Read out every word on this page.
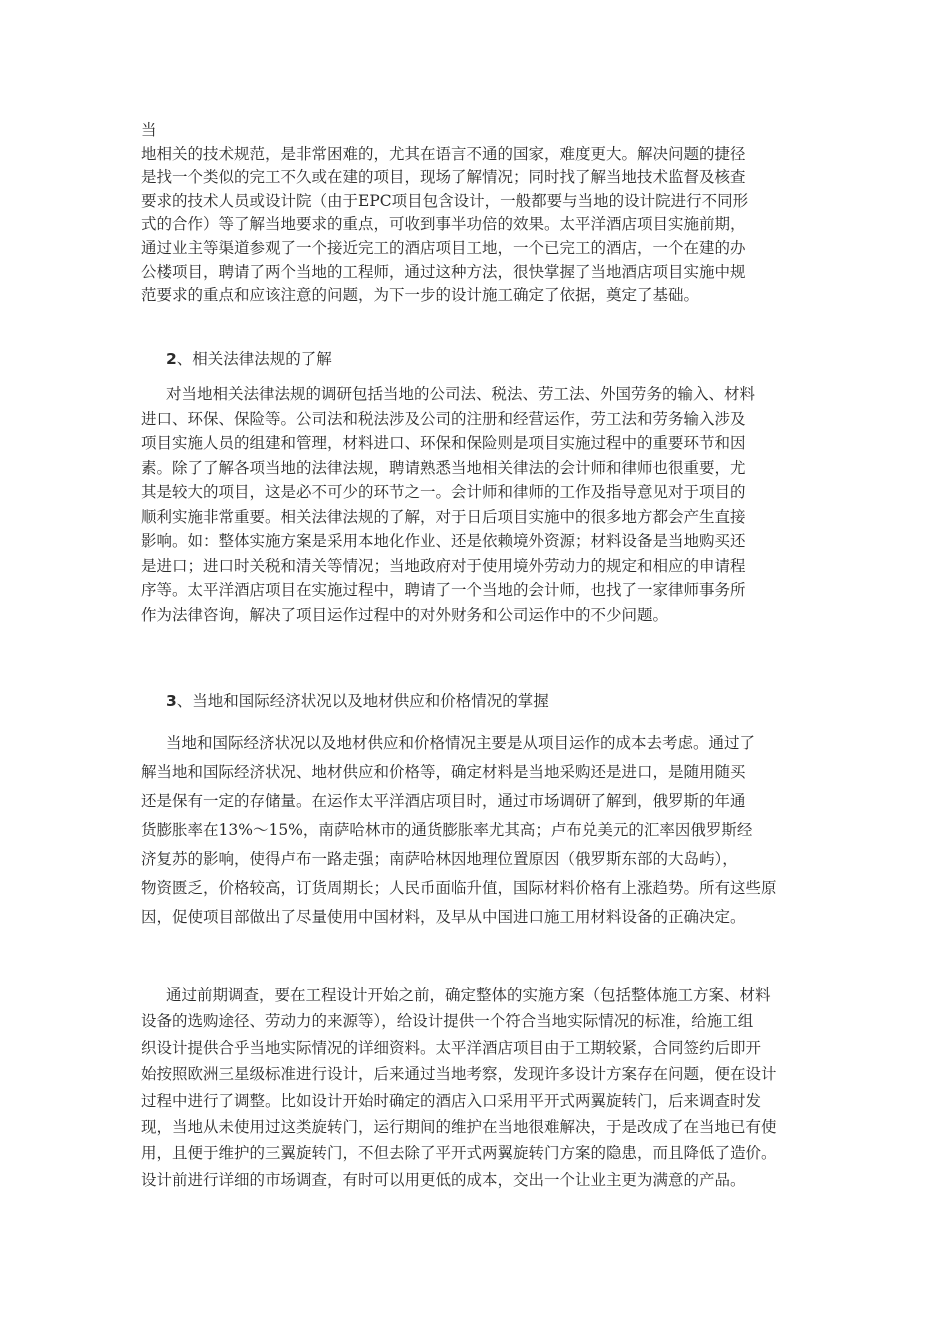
当
地相关的技术规范，是非常困难的，尤其在语言不通的国家，难度更大。解决问题的捷径
是找一个类似的完工不久或在建的项目，现场了解情况；同时找了解当地技术监督及核查
要求的技术人员或设计院（由于EPC项目包含设计，一般都要与当地的设计院进行不同形
式的合作）等了解当地要求的重点，可收到事半功倍的效果。太平洋酒店项目实施前期，
通过业主等渠道参观了一个接近完工的酒店项目工地，一个已完工的酒店，一个在建的办
公楼项目，聘请了两个当地的工程师，通过这种方法，很快掌握了当地酒店项目实施中规
范要求的重点和应该注意的问题，为下一步的设计施工确定了依据，奠定了基础。
2、相关法律法规的了解
对当地相关法律法规的调研包括当地的公司法、税法、劳工法、外国劳务的输入、材料
进口、环保、保险等。公司法和税法涉及公司的注册和经营运作，劳工法和劳务输入涉及
项目实施人员的组建和管理，材料进口、环保和保险则是项目实施过程中的重要环节和因
素。除了了解各项当地的法律法规，聘请熟悉当地相关律法的会计师和律师也很重要，尤
其是较大的项目，这是必不可少的环节之一。会计师和律师的工作及指导意见对于项目的
顺利实施非常重要。相关法律法规的了解，对于日后项目实施中的很多地方都会产生直接
影响。如：整体实施方案是采用本地化作业、还是依赖境外资源；材料设备是当地购买还
是进口；进口时关税和清关等情况；当地政府对于使用境外劳动力的规定和相应的申请程
序等。太平洋酒店项目在实施过程中，聘请了一个当地的会计师，也找了一家律师事务所
作为法律咨询，解决了项目运作过程中的对外财务和公司运作中的不少问题。
3、当地和国际经济状况以及地材供应和价格情况的掌握
当地和国际经济状况以及地材供应和价格情况主要是从项目运作的成本去考虑。通过了
解当地和国际经济状况、地材供应和价格等，确定材料是当地采购还是进口，是随用随买
还是保有一定的存储量。在运作太平洋酒店项目时，通过市场调研了解到，俄罗斯的年通
货膨胀率在13%～15%，南萨哈林市的通货膨胀率尤其高；卢布兑美元的汇率因俄罗斯经
济复苏的影响，使得卢布一路走强；南萨哈林因地理位置原因（俄罗斯东部的大岛屿），
物资匮乏，价格较高，订货周期长；人民币面临升值，国际材料价格有上涨趋势。所有这些原
因，促使项目部做出了尽量使用中国材料，及早从中国进口施工用材料设备的正确决定。
通过前期调查，要在工程设计开始之前，确定整体的实施方案（包括整体施工方案、材料
设备的选购途径、劳动力的来源等），给设计提供一个符合当地实际情况的标准，给施工组
织设计提供合乎当地实际情况的详细资料。太平洋酒店项目由于工期较紧，合同签约后即开
始按照欧洲三星级标准进行设计，后来通过当地考察，发现许多设计方案存在问题，便在设计
过程中进行了调整。比如设计开始时确定的酒店入口采用平开式两翼旋转门，后来调查时发
现，当地从未使用过这类旋转门，运行期间的维护在当地很难解决，于是改成了在当地已有使
用，且便于维护的三翼旋转门，不但去除了平开式两翼旋转门方案的隐患，而且降低了造价。
设计前进行详细的市场调查，有时可以用更低的成本，交出一个让业主更为满意的产品。
